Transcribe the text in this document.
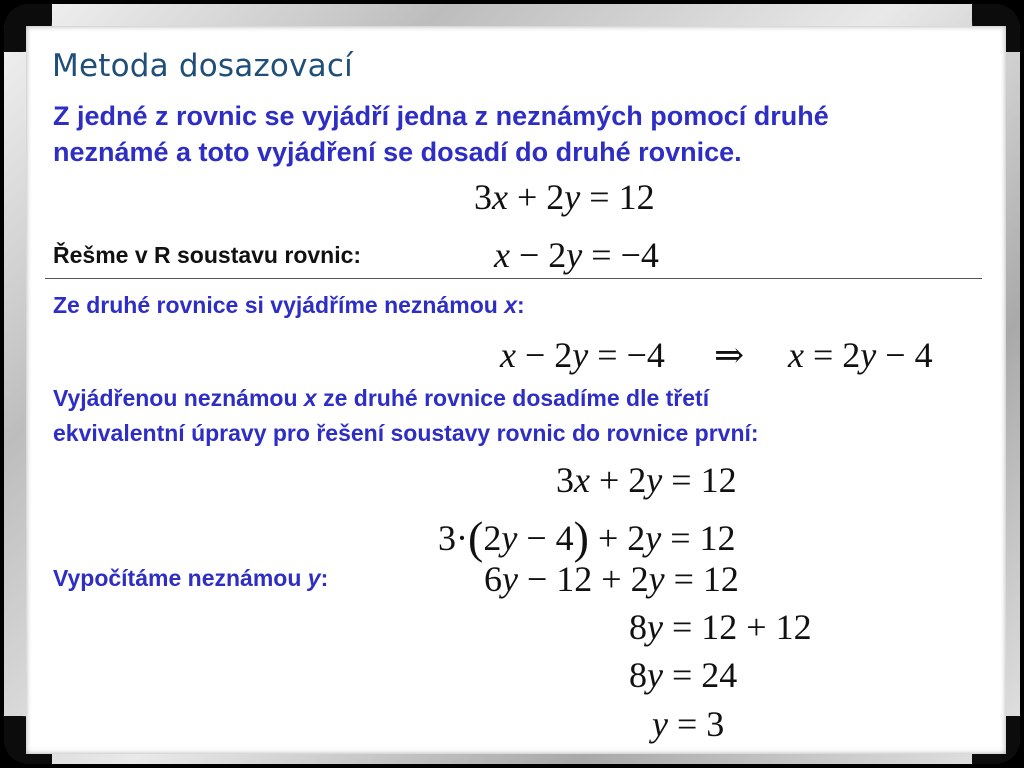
Metoda dosazovací
Z jedné z rovnic se vyjádří jedna z neznámých pomocí druhé
neznámé a toto vyjádření se dosadí do druhé rovnice.
3x + 2y = 12
Řešme v R soustavu rovnic:	x − 2y = −4
Ze druhé rovnice si vyjádříme neznámou x:
x − 2y = −4 ⇒ x = 2y − 4
Vyjádřenou neznámou x ze druhé rovnice dosadíme dle třetí
ekvivalentní úpravy pro řešení soustavy rovnic do rovnice první:
3x + 2y = 12
3·(2y − 4) + 2y = 12
Vypočítáme neznámou y:	6y − 12 + 2y = 12
8y = 12 + 12
8y = 24
y = 3
